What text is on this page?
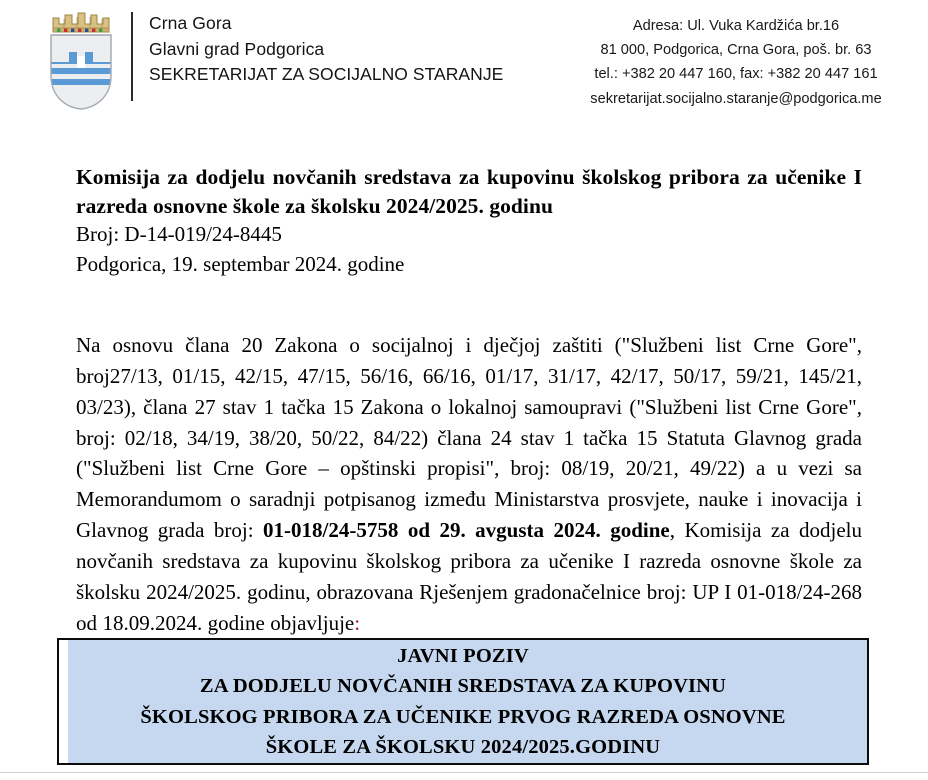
Crna Gora
Glavni grad Podgorica
SEKRETARIJAT ZA SOCIJALNO STARANJE
Adresa: Ul. Vuka Kardžića br.16
81 000, Podgorica, Crna Gora, poš. br. 63
tel.: +382 20 447 160, fax: +382 20 447 161
sekretarijat.socijalno.staranje@podgorica.me

Komisija za dodjelu novčanih sredstava za kupovinu školskog pribora za učenike I razreda osnovne škole za školsku 2024/2025. godinu

Broj: D-14-019/24-8445

Podgorica, 19. septembar 2024. godine

Na osnovu člana 20 Zakona o socijalnoj i dječjoj zaštiti ("Službeni list Crne Gore", broj27/13, 01/15, 42/15, 47/15, 56/16, 66/16, 01/17, 31/17, 42/17, 50/17, 59/21, 145/21, 03/23), člana 27 stav 1 tačka 15 Zakona o lokalnoj samoupravi ("Službeni list Crne Gore", broj: 02/18, 34/19, 38/20, 50/22, 84/22) člana 24 stav 1 tačka 15 Statuta Glavnog grada ("Službeni list Crne Gore – opštinski propisi", broj: 08/19, 20/21, 49/22) a u vezi sa Memorandumom o saradnji potpisanog između Ministarstva prosvjete, nauke i inovacija i Glavnog grada broj: 01-018/24-5758 od 29. avgusta 2024. godine, Komisija za dodjelu novčanih sredstava za kupovinu školskog pribora za učenike I razreda osnovne škole za školsku 2024/2025. godinu, obrazovana Rješenjem gradonačelnice broj: UP I 01-018/24-268 od 18.09.2024. godine objavljuje:

JAVNI POZIV
ZA DODJELU NOVČANIH SREDSTAVA ZA KUPOVINU
ŠKOLSKOG PRIBORA ZA UČENIKE PRVOG RAZREDA OSNOVNE
ŠKOLE ZA ŠKOLSKU 2024/2025.GODINU
